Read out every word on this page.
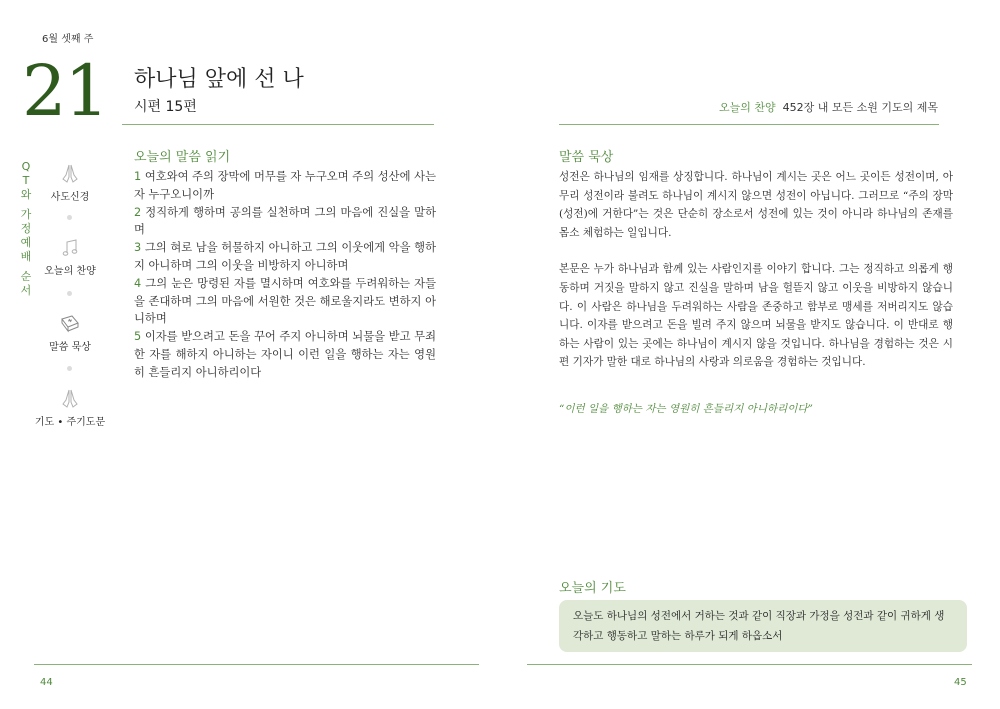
6월 셋째 주
21 하나님 앞에 선 나
시편 15편
Q
T
와
가
정
예
배
순
서
사도신경
오늘의 찬양
말씀 묵상
기도 • 주기도문
오늘의 말씀 읽기

1 여호와여 주의 장막에 머무를 자 누구오며 주의 성산에 사는 자 누구오니이까

2 정직하게 행하며 공의를 실천하며 그의 마음에 진실을 말하며

3 그의 혀로 남을 허물하지 아니하고 그의 이웃에게 악을 행하지 아니하며 그의 이웃을 비방하지 아니하며

4 그의 눈은 망령된 자를 멸시하며 여호와를 두려워하는 자들을 존대하며 그의 마음에 서원한 것은 해로울지라도 변하지 아니하며

5 이자를 받으려고 돈을 꾸어 주지 아니하며 뇌물을 받고 무죄한 자를 해하지 아니하는 자이니 이런 일을 행하는 자는 영원히 흔들리지 아니하리이다

44
오늘의 찬양 452장 내 모든 소원 기도의 제목
말씀 묵상

성전은 하나님의 임재를 상징합니다. 하나님이 계시는 곳은 어느 곳이든 성전이며, 아무리 성전이라 불려도 하나님이 계시지 않으면 성전이 아닙니다. 그러므로 “주의 장막(성전)에 거한다”는 것은 단순히 장소로서 성전에 있는 것이 아니라 하나님의 존재를 몸소 체험하는 일입니다.

본문은 누가 하나님과 함께 있는 사람인지를 이야기 합니다. 그는 정직하고 의롭게 행동하며 거짓을 말하지 않고 진실을 말하며 남을 헐뜯지 않고 이웃을 비방하지 않습니다. 이 사람은 하나님을 두려워하는 사람을 존중하고 함부로 맹세를 저버리지도 않습니다. 이자를 받으려고 돈을 빌려 주지 않으며 뇌물을 받지도 않습니다. 이 반대로 행하는 사람이 있는 곳에는 하나님이 계시지 않을 것입니다. 하나님을 경험하는 것은 시편 기자가 말한 대로 하나님의 사랑과 의로움을 경험하는 것입니다.

“이런 일을 행하는 자는 영원히 흔들리지 아니하리이다”
오늘의 기도
오늘도 하나님의 성전에서 거하는 것과 같이 직장과 가정을 성전과 같이 귀하게 생각하고 행동하고 말하는 하루가 되게 하옵소서
45
